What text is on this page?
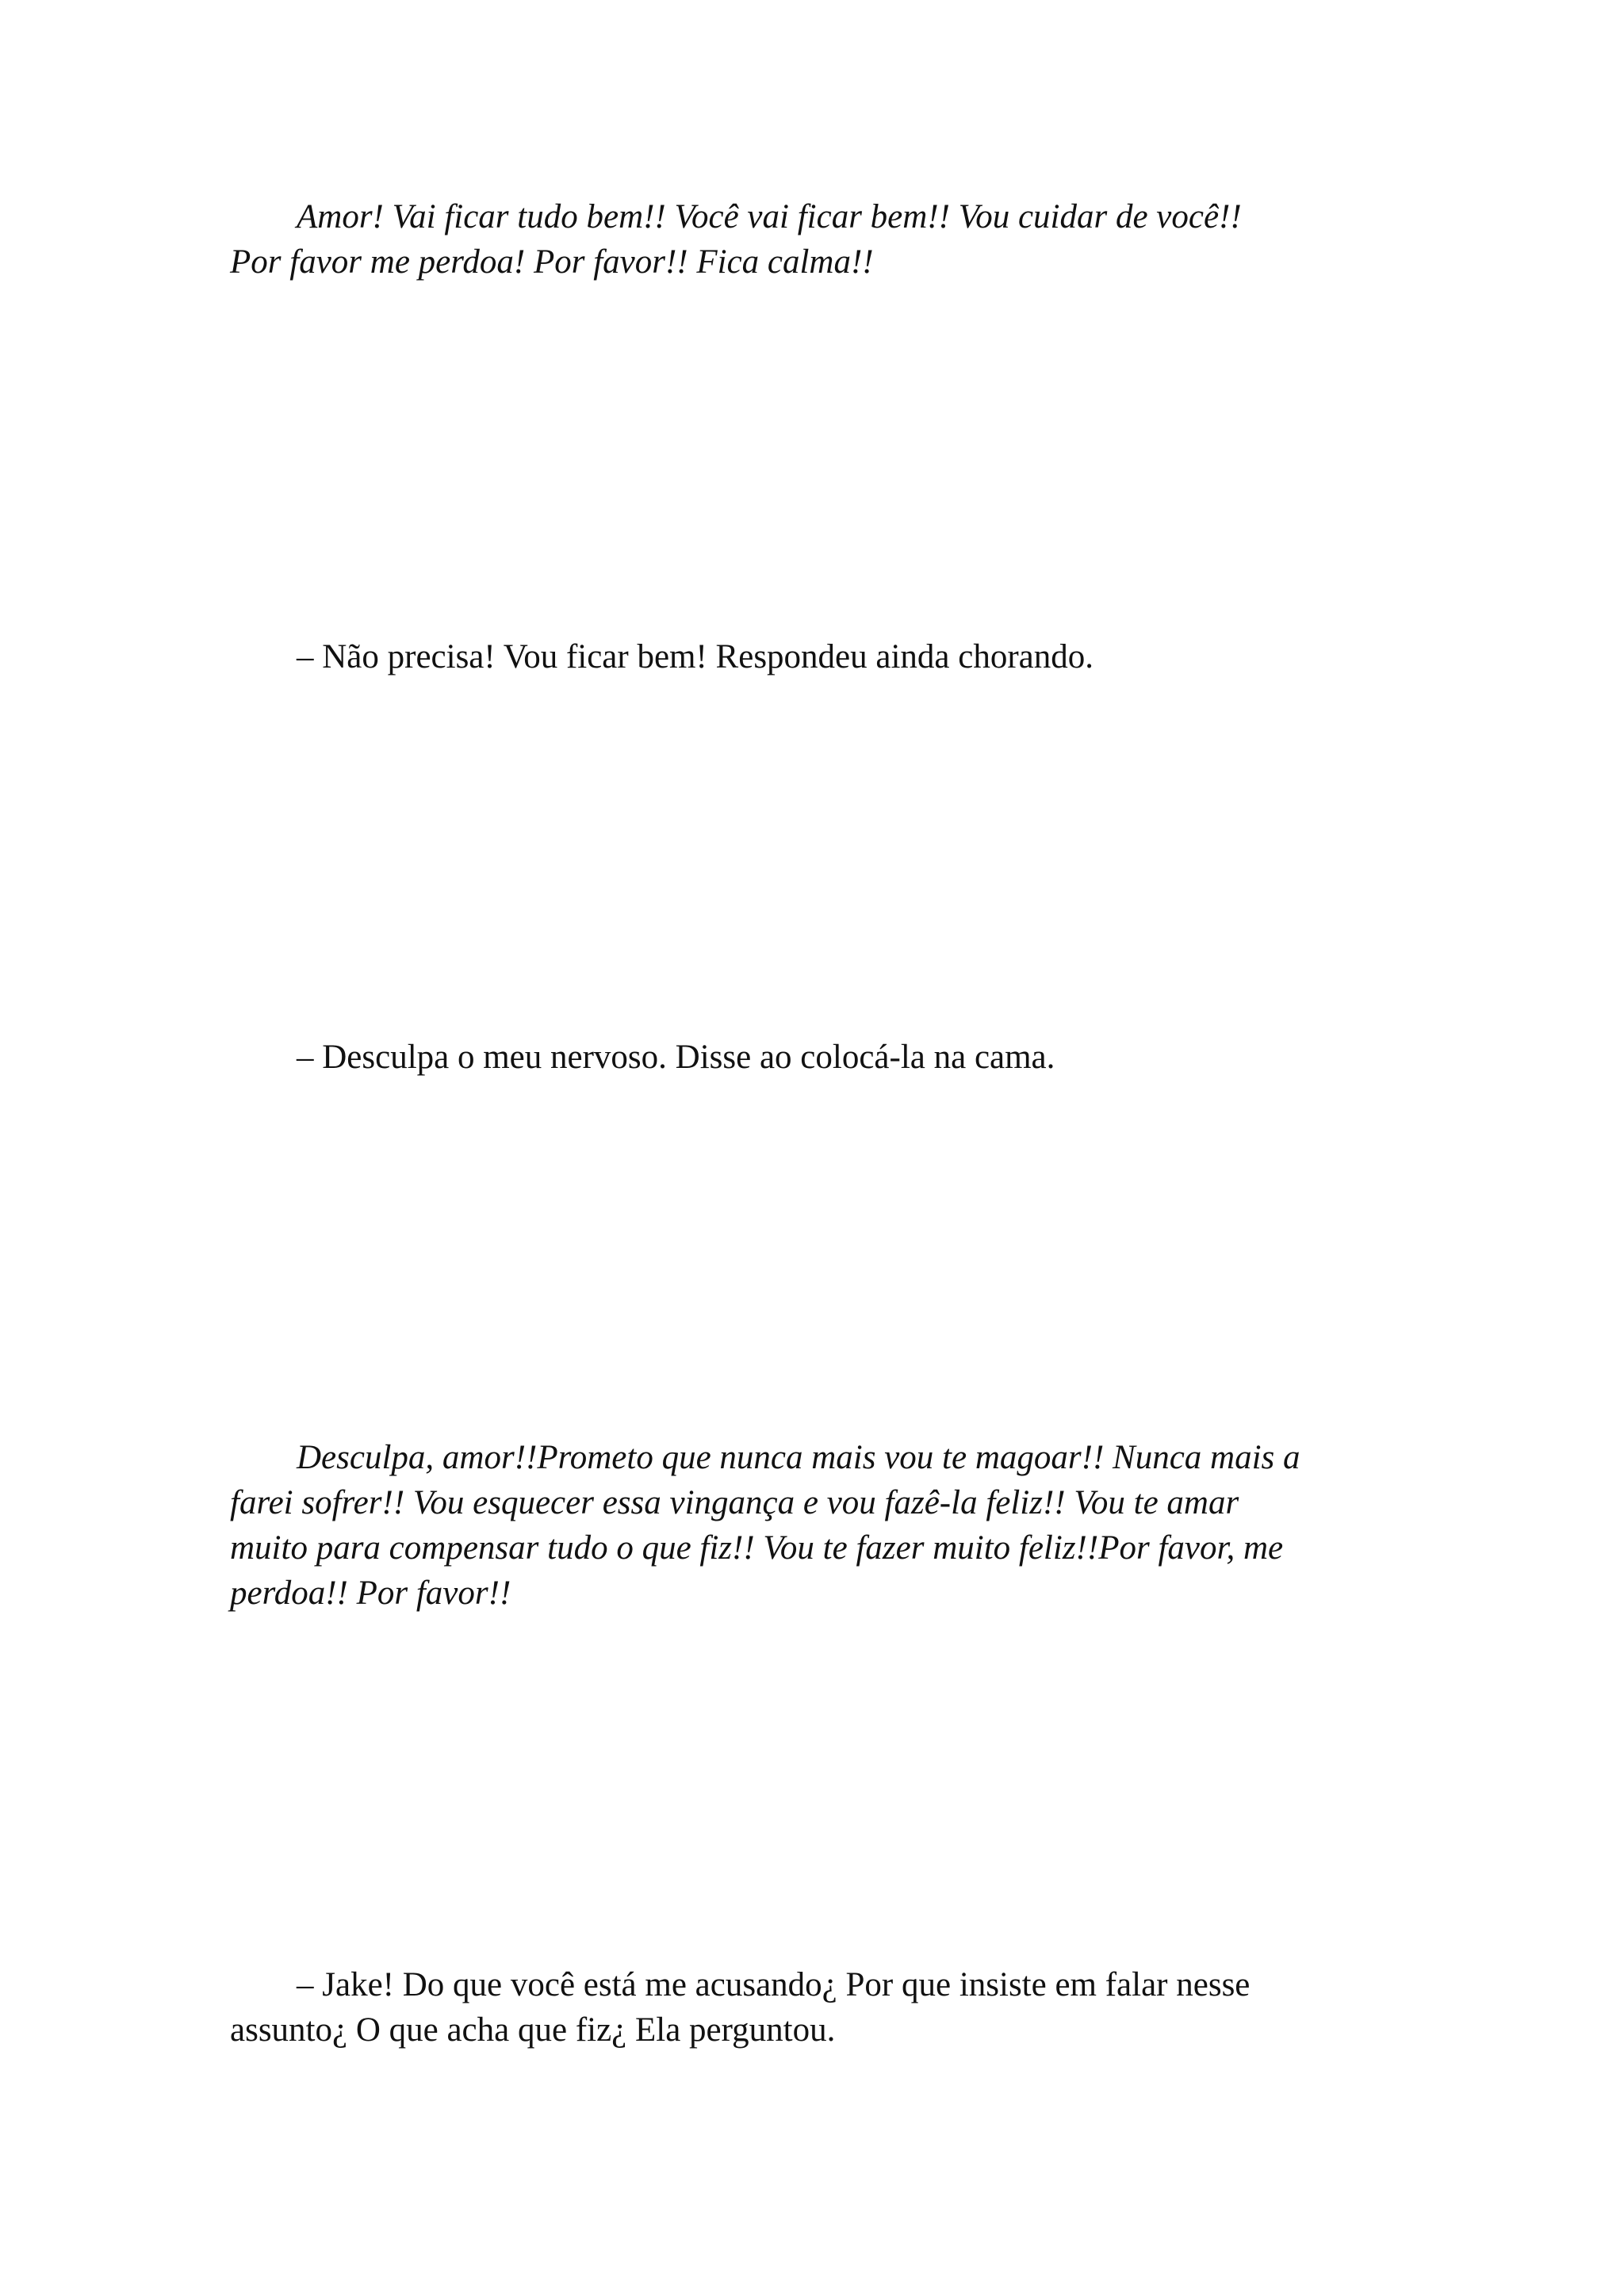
Amor! Vai ficar tudo bem!! Você vai ficar bem!! Vou cuidar de você!!
Por favor me perdoa! Por favor!! Fica calma!!

– Não precisa! Vou ficar bem! Respondeu ainda chorando.

– Desculpa o meu nervoso. Disse ao colocá-la na cama.

Desculpa, amor!!Prometo que nunca mais vou te magoar!! Nunca mais a
farei sofrer!! Vou esquecer essa vingança e vou fazê-la feliz!! Vou te amar
muito para compensar tudo o que fiz!! Vou te fazer muito feliz!!Por favor, me
perdoa!! Por favor!!

– Jake! Do que você está me acusando¿ Por que insiste em falar nesse
assunto¿ O que acha que fiz¿ Ela perguntou.
